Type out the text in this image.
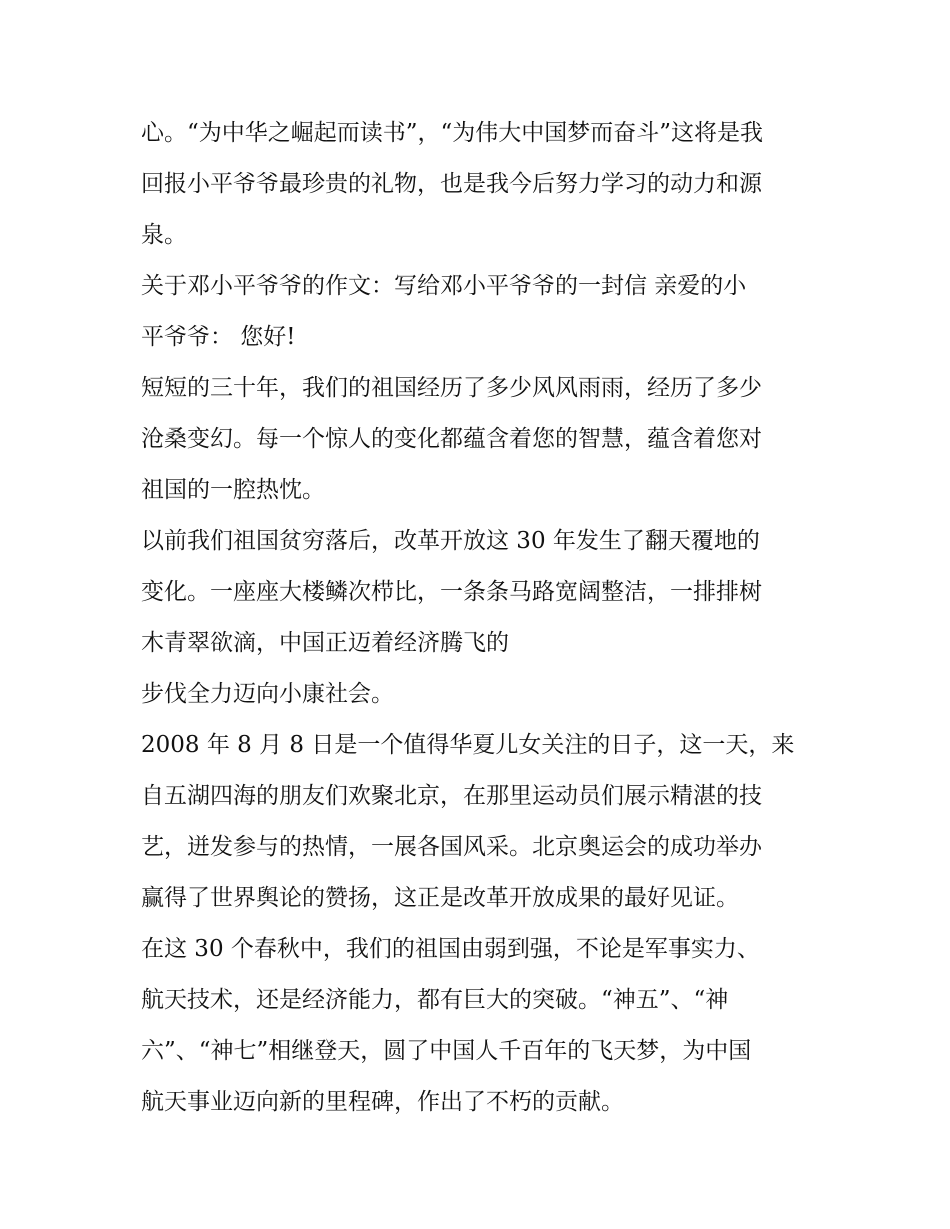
心。“为中华之崛起而读书”，“为伟大中国梦而奋斗”这将是我
回报小平爷爷最珍贵的礼物，也是我今后努力学习的动力和源
泉。
关于邓小平爷爷的作文：写给邓小平爷爷的一封信 亲爱的小
平爷爷： 您好!
短短的三十年，我们的祖国经历了多少风风雨雨，经历了多少
沧桑变幻。每一个惊人的变化都蕴含着您的智慧，蕴含着您对
祖国的一腔热忱。
以前我们祖国贫穷落后，改革开放这 30 年发生了翻天覆地的
变化。一座座大楼鳞次栉比，一条条马路宽阔整洁，一排排树
木青翠欲滴，中国正迈着经济腾飞的
步伐全力迈向小康社会。
2008 年 8 月 8 日是一个值得华夏儿女关注的日子，这一天，来
自五湖四海的朋友们欢聚北京，在那里运动员们展示精湛的技
艺，迸发参与的热情，一展各国风采。北京奥运会的成功举办
赢得了世界舆论的赞扬，这正是改革开放成果的最好见证。
在这 30 个春秋中，我们的祖国由弱到强，不论是军事实力、
航天技术，还是经济能力，都有巨大的突破。“神五”、“神
六”、“神七”相继登天，圆了中国人千百年的飞天梦，为中国
航天事业迈向新的里程碑，作出了不朽的贡献。
